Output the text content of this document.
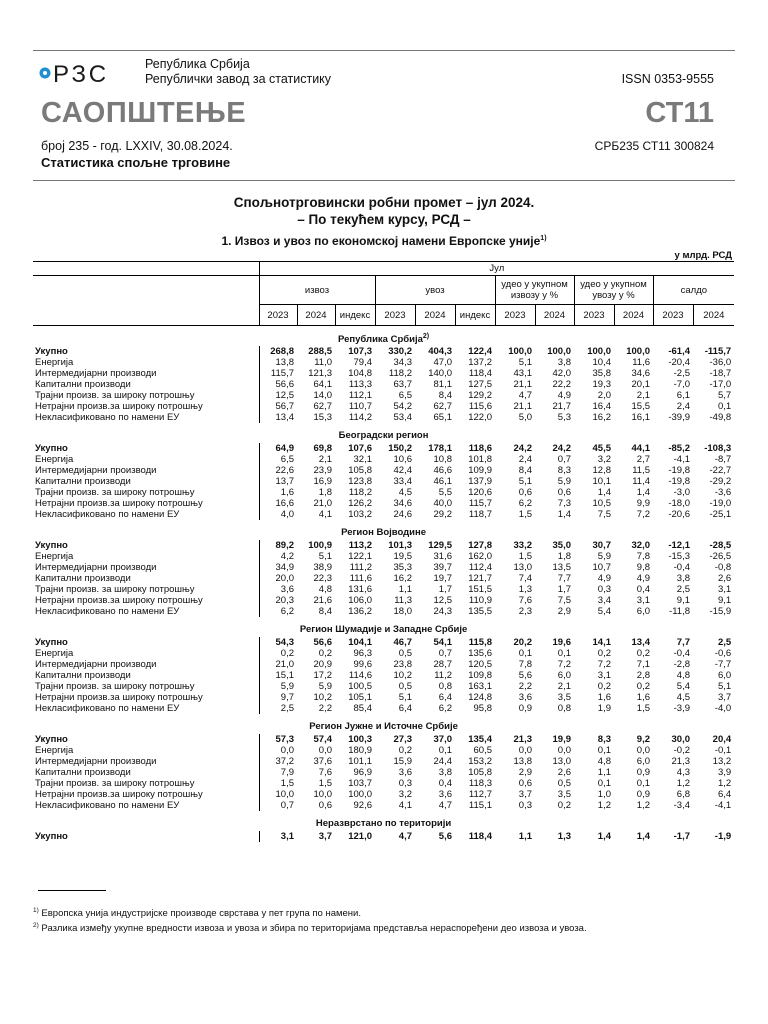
РЗС	Република Србија
Републички завод за статистику	ISSN 0353-9555
САОПШТЕЊЕ	СТ11
број 235 - год. LXXIV, 30.08.2024.	СРБ235 СТ11 300824
Статистика спољне трговине
Спољнотрговински робни промет – јул 2024.
– По текућем курсу, РСД –
1. Извоз и увоз по економској намени Европске уније$^{1)}$
у млрд. РСД
	Јул											
	извоз			увоз			удео у укупном извозу у %		удео у укупном увозу у %		салдо	
	2023	2024	индекс	2023	2024	индекс	2023	2024	2023	2024	2023	2024
Република Србија$^{2)}$
Укупно	268,8	288,5	107,3	330,2	404,3	122,4	100,0	100,0	100,0	100,0	-61,4	-115,7
Енергија	13,8	11,0	79,4	34,3	47,0	137,2	5,1	3,8	10,4	11,6	-20,4	-36,0
Интермедијарни производи	115,7	121,3	104,8	118,2	140,0	118,4	43,1	42,0	35,8	34,6	-2,5	-18,7
Капитални производи	56,6	64,1	113,3	63,7	81,1	127,5	21,1	22,2	19,3	20,1	-7,0	-17,0
Трајни произв. за широку потрошњу	12,5	14,0	112,1	6,5	8,4	129,2	4,7	4,9	2,0	2,1	6,1	5,7
Нетрајни произв.за широку потрошњу	56,7	62,7	110,7	54,2	62,7	115,6	21,1	21,7	16,4	15,5	2,4	0,1
Некласификовано по намени ЕУ	13,4	15,3	114,2	53,4	65,1	122,0	5,0	5,3	16,2	16,1	-39,9	-49,8
Београдски регион												
Укупно	64,9	69,8	107,6	150,2	178,1	118,6	24,2	24,2	45,5	44,1	-85,2	-108,3
Енергија	6,5	2,1	32,1	10,6	10,8	101,8	2,4	0,7	3,2	2,7	-4,1	-8,7
Интермедијарни производи	22,6	23,9	105,8	42,4	46,6	109,9	8,4	8,3	12,8	11,5	-19,8	-22,7
Капитални производи	13,7	16,9	123,8	33,4	46,1	137,9	5,1	5,9	10,1	11,4	-19,8	-29,2
Трајни произв. за широку потрошњу	1,6	1,8	118,2	4,5	5,5	120,6	0,6	0,6	1,4	1,4	-3,0	-3,6
Нетрајни произв.за широку потрошњу	16,6	21,0	126,2	34,6	40,0	115,7	6,2	7,3	10,5	9,9	-18,0	-19,0
Некласификовано по намени ЕУ	4,0	4,1	103,2	24,6	29,2	118,7	1,5	1,4	7,5	7,2	-20,6	-25,1
Регион Војводине												
Укупно	89,2	100,9	113,2	101,3	129,5	127,8	33,2	35,0	30,7	32,0	-12,1	-28,5
Енергија	4,2	5,1	122,1	19,5	31,6	162,0	1,5	1,8	5,9	7,8	-15,3	-26,5
Интермедијарни производи	34,9	38,9	111,2	35,3	39,7	112,4	13,0	13,5	10,7	9,8	-0,4	-0,8
Капитални производи	20,0	22,3	111,6	16,2	19,7	121,7	7,4	7,7	4,9	4,9	3,8	2,6
Трајни произв. за широку потрошњу	3,6	4,8	131,6	1,1	1,7	151,5	1,3	1,7	0,3	0,4	2,5	3,1
Нетрајни произв.за широку потрошњу	20,3	21,6	106,0	11,3	12,5	110,9	7,6	7,5	3,4	3,1	9,1	9,1
Некласификовано по намени ЕУ	6,2	8,4	136,2	18,0	24,3	135,5	2,3	2,9	5,4	6,0	-11,8	-15,9
Регион Шумадије и Западне Србије												
Укупно	54,3	56,6	104,1	46,7	54,1	115,8	20,2	19,6	14,1	13,4	7,7	2,5
Енергија	0,2	0,2	96,3	0,5	0,7	135,6	0,1	0,1	0,2	0,2	-0,4	-0,6
Интермедијарни производи	21,0	20,9	99,6	23,8	28,7	120,5	7,8	7,2	7,2	7,1	-2,8	-7,7
Капитални производи	15,1	17,2	114,6	10,2	11,2	109,8	5,6	6,0	3,1	2,8	4,8	6,0
Трајни произв. за широку потрошњу	5,9	5,9	100,5	0,5	0,8	163,1	2,2	2,1	0,2	0,2	5,4	5,1
Нетрајни произв.за широку потрошњу	9,7	10,2	105,1	5,1	6,4	124,8	3,6	3,5	1,6	1,6	4,5	3,7
Некласификовано по намени ЕУ	2,5	2,2	85,4	6,4	6,2	95,8	0,9	0,8	1,9	1,5	-3,9	-4,0
Регион Јужне и Источне Србије												
Укупно	57,3	57,4	100,3	27,3	37,0	135,4	21,3	19,9	8,3	9,2	30,0	20,4
Енергија	0,0	0,0	180,9	0,2	0,1	60,5	0,0	0,0	0,1	0,0	-0,2	-0,1
Интермедијарни производи	37,2	37,6	101,1	15,9	24,4	153,2	13,8	13,0	4,8	6,0	21,3	13,2
Капитални производи	7,9	7,6	96,9	3,6	3,8	105,8	2,9	2,6	1,1	0,9	4,3	3,9
Трајни произв. за широку потрошњу	1,5	1,5	103,7	0,3	0,4	118,3	0,6	0,5	0,1	0,1	1,2	1,2
Нетрајни произв.за широку потрошњу	10,0	10,0	100,0	3,2	3,6	112,7	3,7	3,5	1,0	0,9	6,8	6,4
Некласификовано по намени ЕУ	0,7	0,6	92,6	4,1	4,7	115,1	0,3	0,2	1,2	1,2	-3,4	-4,1
Неразврстано по територији												
Укупно	3,1	3,7	121,0	4,7	5,6	118,4	1,1	1,3	1,4	1,4	-1,7	-1,9
$^{1)}$ Европска унија индустријске производе сврстава у пет група по намени.
$^{2)}$ Разлика између укупне вредности извоза и увоза и збира по територијама представља нераспоређени део извоза и увоза.
